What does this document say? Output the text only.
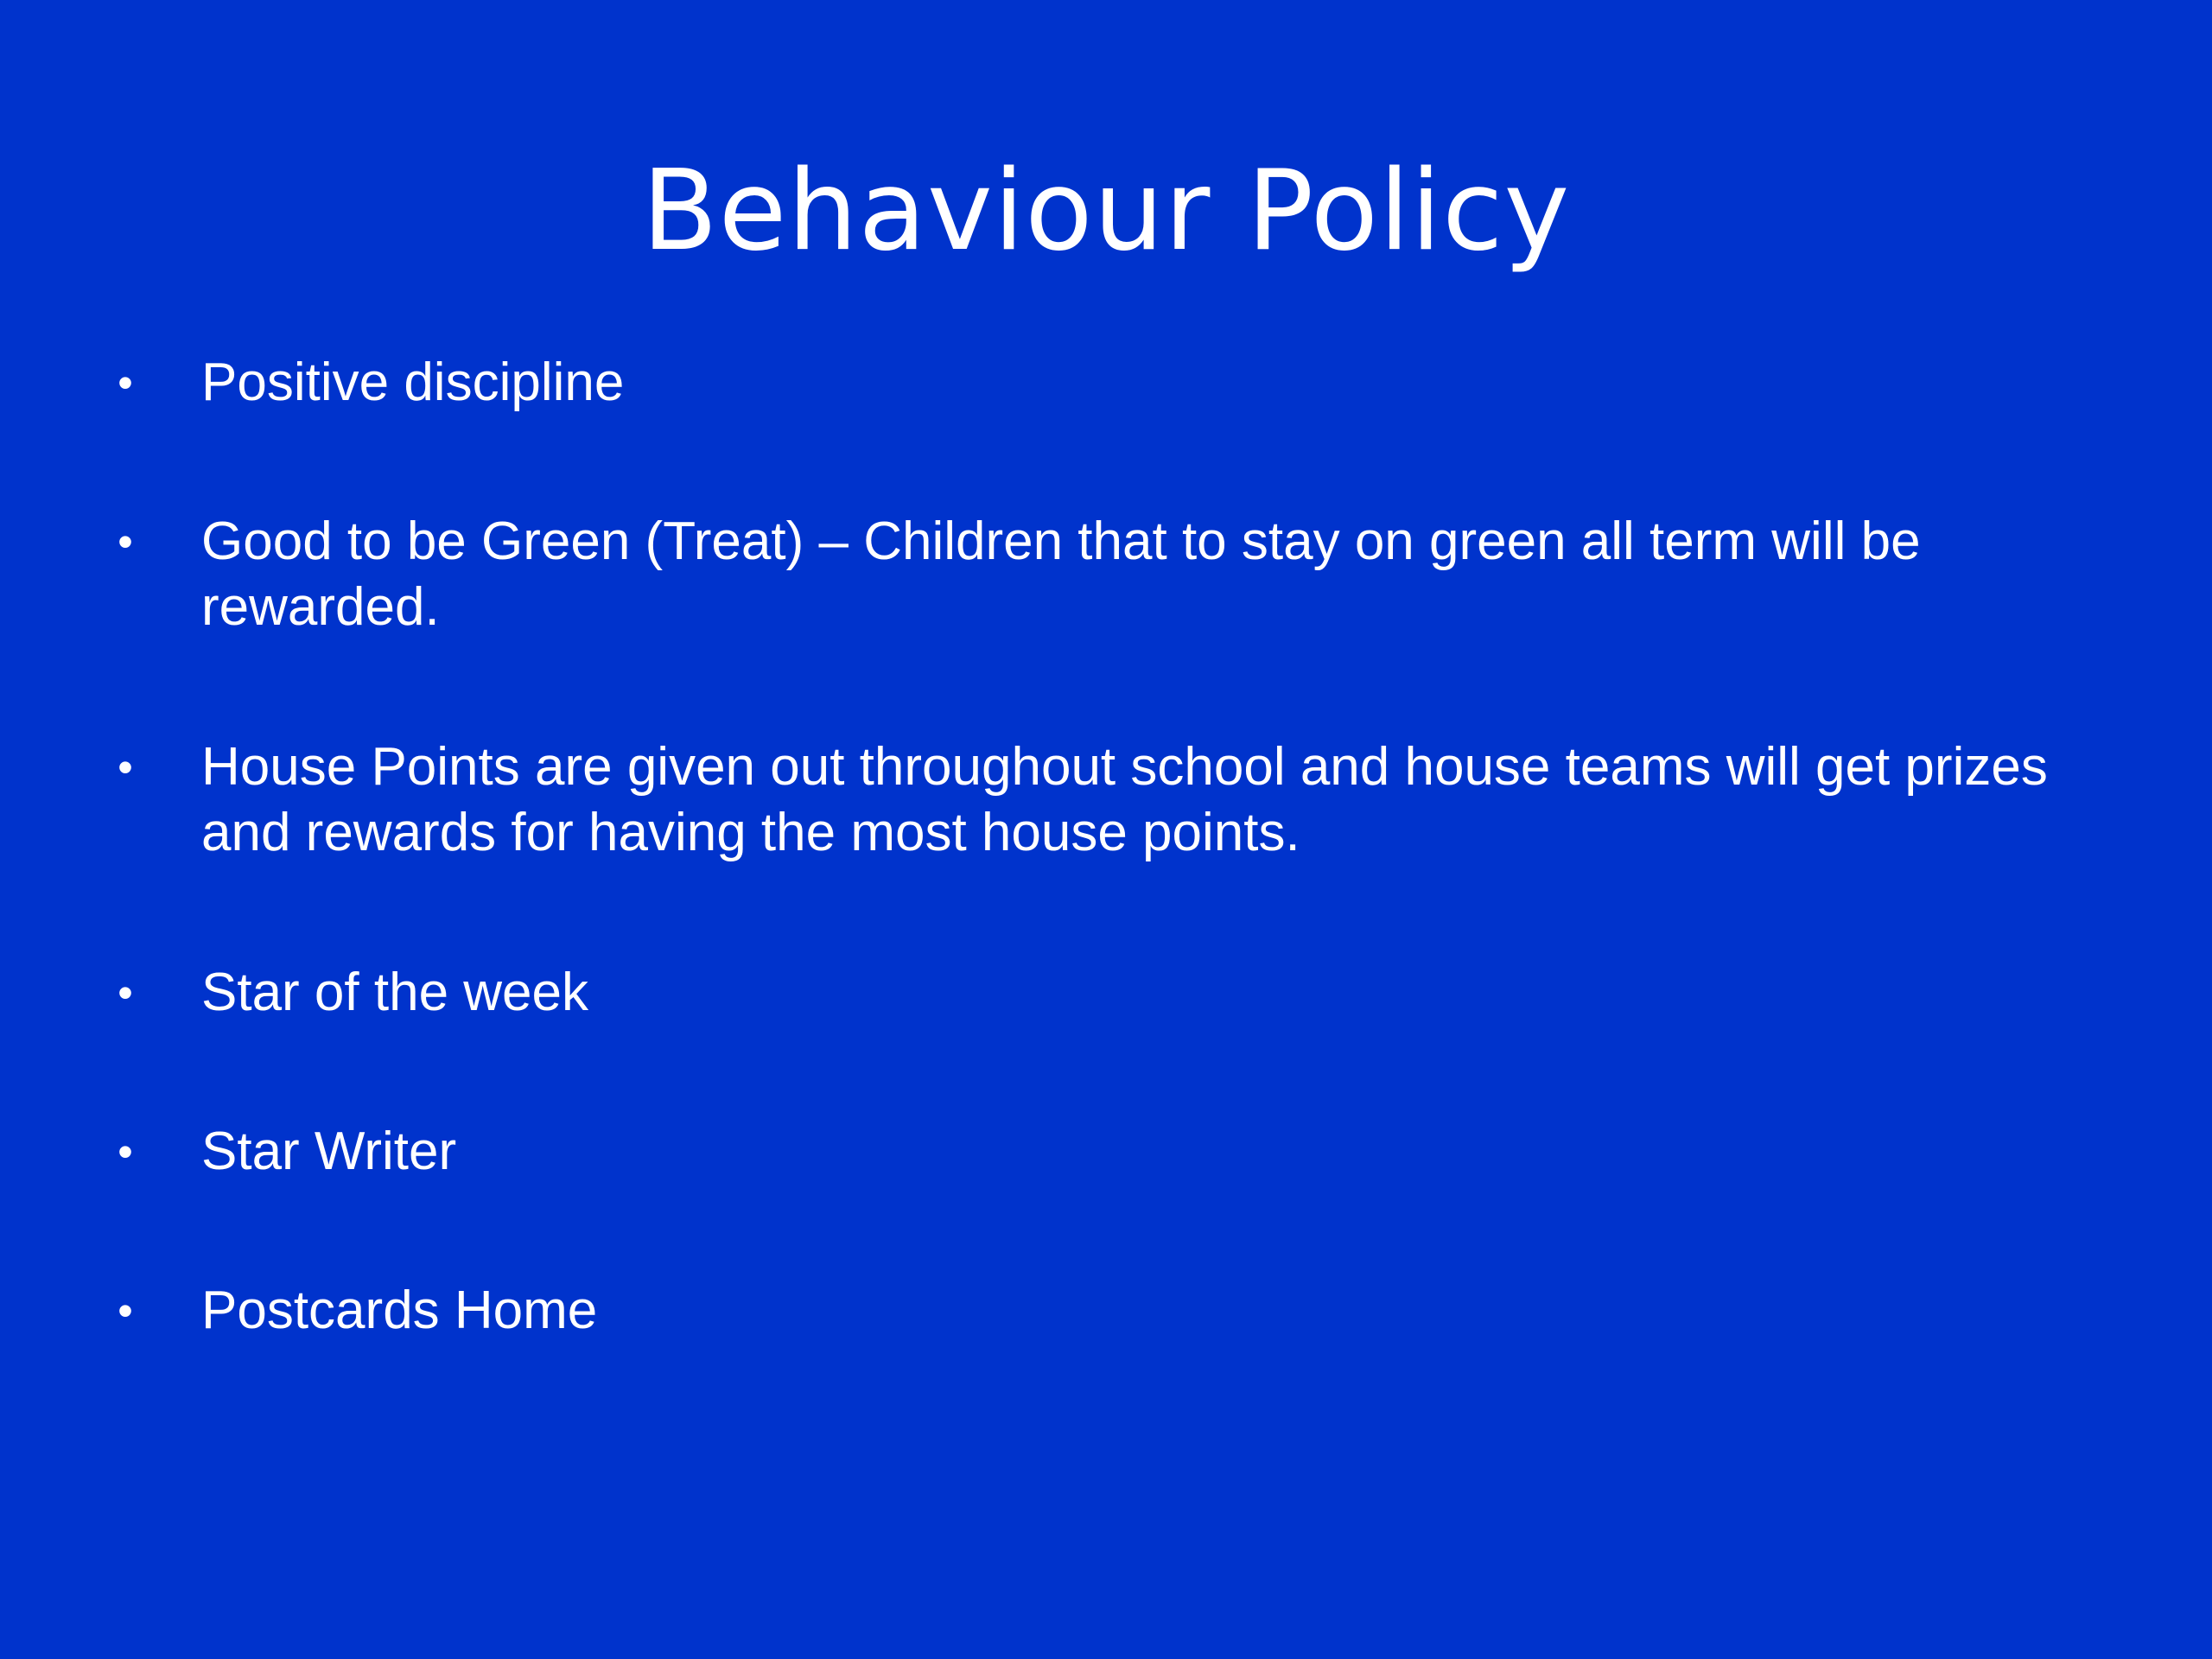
Behaviour Policy
• Positive discipline
• Good to be Green (Treat) – Children that to stay on green all term will be rewarded.
• House Points are given out throughout school and house teams will get prizes and rewards for having the most house points.
• Star of the week
• Star Writer
• Postcards Home
